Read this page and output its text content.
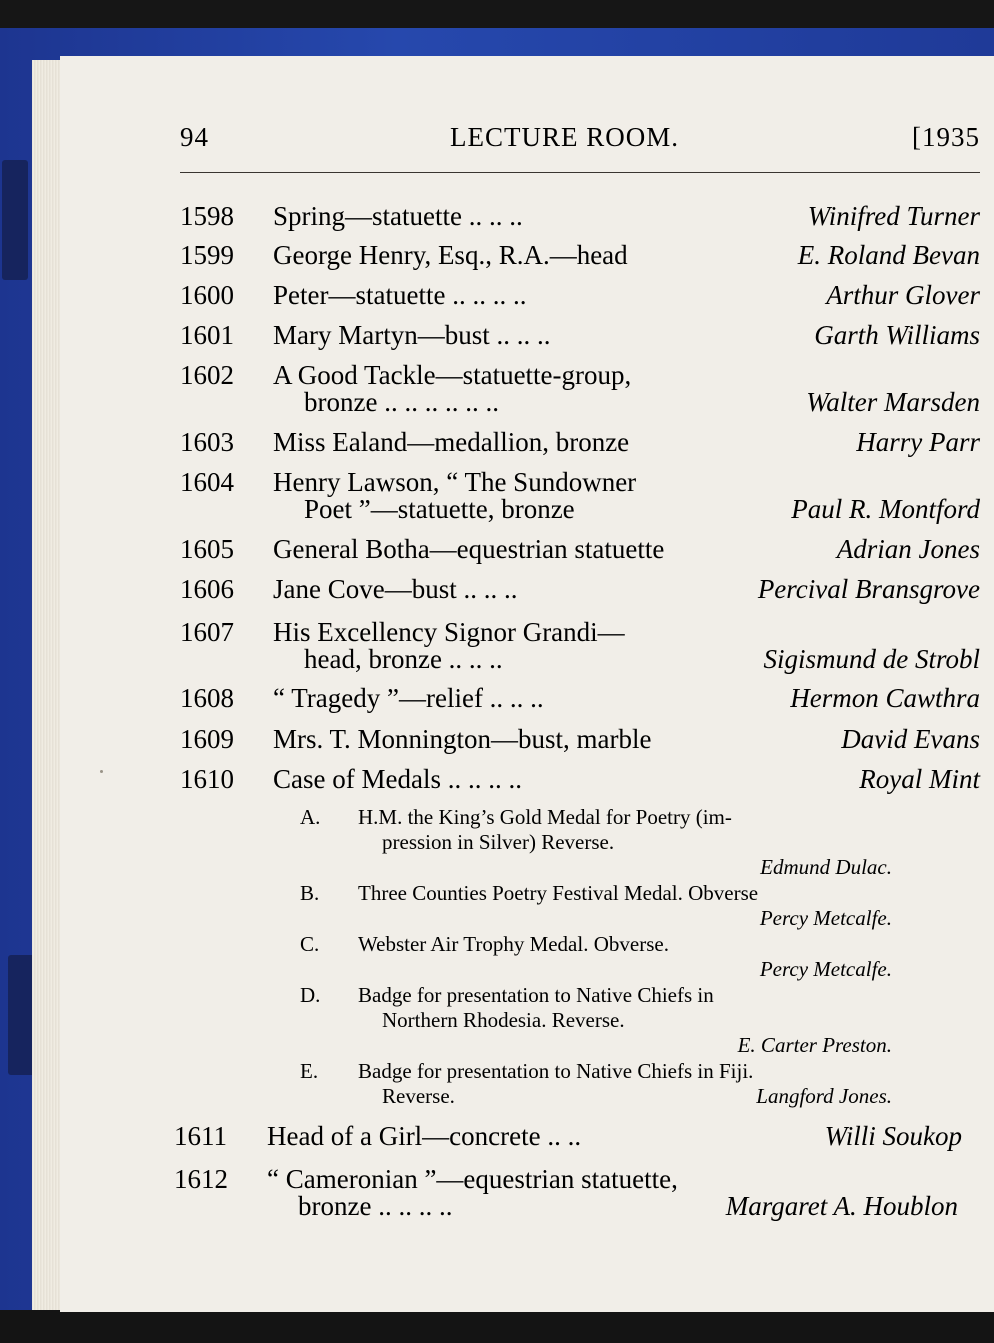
94	LECTURE ROOM.	[1935
1598 Spring—statuette .. .. ..	Winifred Turner
1599 George Henry, Esq., R.A.—head	E. Roland Bevan
1600 Peter—statuette .. .. .. ..	Arthur Glover
1601 Mary Martyn—bust .. .. ..	Garth Williams
1602 A Good Tackle—statuette-group,
bronze .. .. .. .. .. ..	Walter Marsden
1603 Miss Ealand—medallion, bronze	Harry Parr
1604 Henry Lawson, “ The Sundowner
Poet ”—statuette, bronze	Paul R. Montford
1605 General Botha—equestrian statuette	Adrian Jones
1606 Jane Cove—bust .. .. ..	Percival Bransgrove
1607 His Excellency Signor Grandi—
head, bronze .. .. ..	Sigismund de Strobl
1608 “ Tragedy ”—relief .. .. ..	Hermon Cawthra
1609 Mrs. T. Monnington—bust, marble	David Evans
1610 Case of Medals .. .. .. ..	Royal Mint
A. H.M. the King’s Gold Medal for Poetry (im-
pression in Silver) Reverse.
Edmund Dulac.
B. Three Counties Poetry Festival Medal. Obverse
Percy Metcalfe.
C. Webster Air Trophy Medal. Obverse.
Percy Metcalfe.
D. Badge for presentation to Native Chiefs in
Northern Rhodesia. Reverse.
E. Carter Preston.
E. Badge for presentation to Native Chiefs in Fiji.
Reverse.	Langford Jones.
1611 Head of a Girl—concrete .. ..	Willi Soukop
1612 “ Cameronian ”—equestrian statuette,
bronze .. .. .. ..	Margaret A. Houblon
